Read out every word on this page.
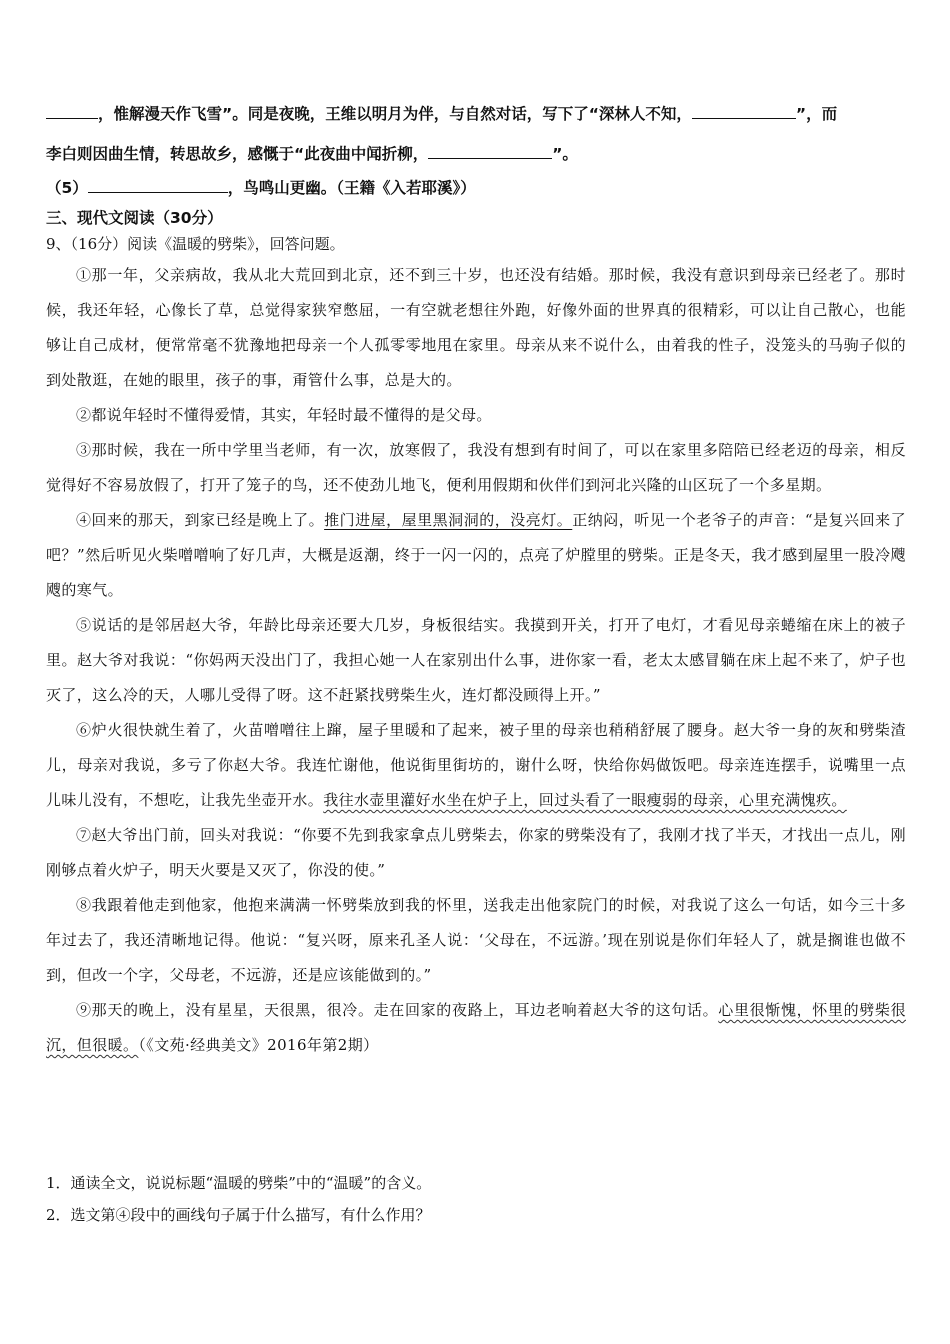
，惟解漫天作飞雪”。同是夜晚，王维以明月为伴，与自然对话，写下了“深林人不知，	”，而
李白则因曲生情，转思故乡，感慨于“此夜曲中闻折柳，	”。
（5）	，鸟鸣山更幽。（王籍《入若耶溪》）
三、现代文阅读（30分）
9、（16分）阅读《温暖的劈柴》，回答问题。

①那一年，父亲病故，我从北大荒回到北京，还不到三十岁，也还没有结婚。那时候，我没有意识到母亲已经老了。那时候，我还年轻，心像长了草，总觉得家狭窄憋屈，一有空就老想往外跑，好像外面的世界真的很精彩，可以让自己散心，也能够让自己成材，便常常毫不犹豫地把母亲一个人孤零零地甩在家里。母亲从来不说什么，由着我的性子，没笼头的马驹子似的到处散逛，在她的眼里，孩子的事，甭管什么事，总是大的。

②都说年轻时不懂得爱情，其实，年轻时最不懂得的是父母。

③那时候，我在一所中学里当老师，有一次，放寒假了，我没有想到有时间了，可以在家里多陪陪已经老迈的母亲，相反觉得好不容易放假了，打开了笼子的鸟，还不使劲儿地飞，便利用假期和伙伴们到河北兴隆的山区玩了一个多星期。

④回来的那天，到家已经是晚上了。推门进屋，屋里黑洞洞的，没亮灯。正纳闷，听见一个老爷子的声音：“是复兴回来了吧？”然后听见火柴噌噌响了好几声，大概是返潮，终于一闪一闪的，点亮了炉膛里的劈柴。正是冬天，我才感到屋里一股冷飕飕的寒气。

⑤说话的是邻居赵大爷，年龄比母亲还要大几岁，身板很结实。我摸到开关，打开了电灯，才看见母亲蜷缩在床上的被子里。赵大爷对我说：“你妈两天没出门了，我担心她一人在家别出什么事，进你家一看，老太太感冒躺在床上起不来了，炉子也灭了，这么冷的天，人哪儿受得了呀。这不赶紧找劈柴生火，连灯都没顾得上开。”

⑥炉火很快就生着了，火苗噌噌往上蹿，屋子里暖和了起来，被子里的母亲也稍稍舒展了腰身。赵大爷一身的灰和劈柴渣儿，母亲对我说，多亏了你赵大爷。我连忙谢他，他说街里街坊的，谢什么呀，快给你妈做饭吧。母亲连连摆手，说嘴里一点儿味儿没有，不想吃，让我先坐壶开水。我往水壶里灌好水坐在炉子上，回过头看了一眼瘦弱的母亲，心里充满愧疚。

⑦赵大爷出门前，回头对我说：“你要不先到我家拿点儿劈柴去，你家的劈柴没有了，我刚才找了半天，才找出一点儿，刚刚够点着火炉子，明天火要是又灭了，你没的使。”

⑧我跟着他走到他家，他抱来满满一怀劈柴放到我的怀里，送我走出他家院门的时候，对我说了这么一句话，如今三十多年过去了，我还清晰地记得。他说：“复兴呀，原来孔圣人说：‘父母在，不远游。’现在别说是你们年轻人了，就是搁谁也做不到，但改一个字，父母老，不远游，还是应该能做到的。”

⑨那天的晚上，没有星星，天很黑，很冷。走在回家的夜路上，耳边老响着赵大爷的这句话。心里很惭愧，怀里的劈柴很沉，但很暖。（《文苑·经典美文》2016年第2期）

1．通读全文，说说标题“温暖的劈柴”中的“温暖”的含义。
2．选文第④段中的画线句子属于什么描写，有什么作用？
